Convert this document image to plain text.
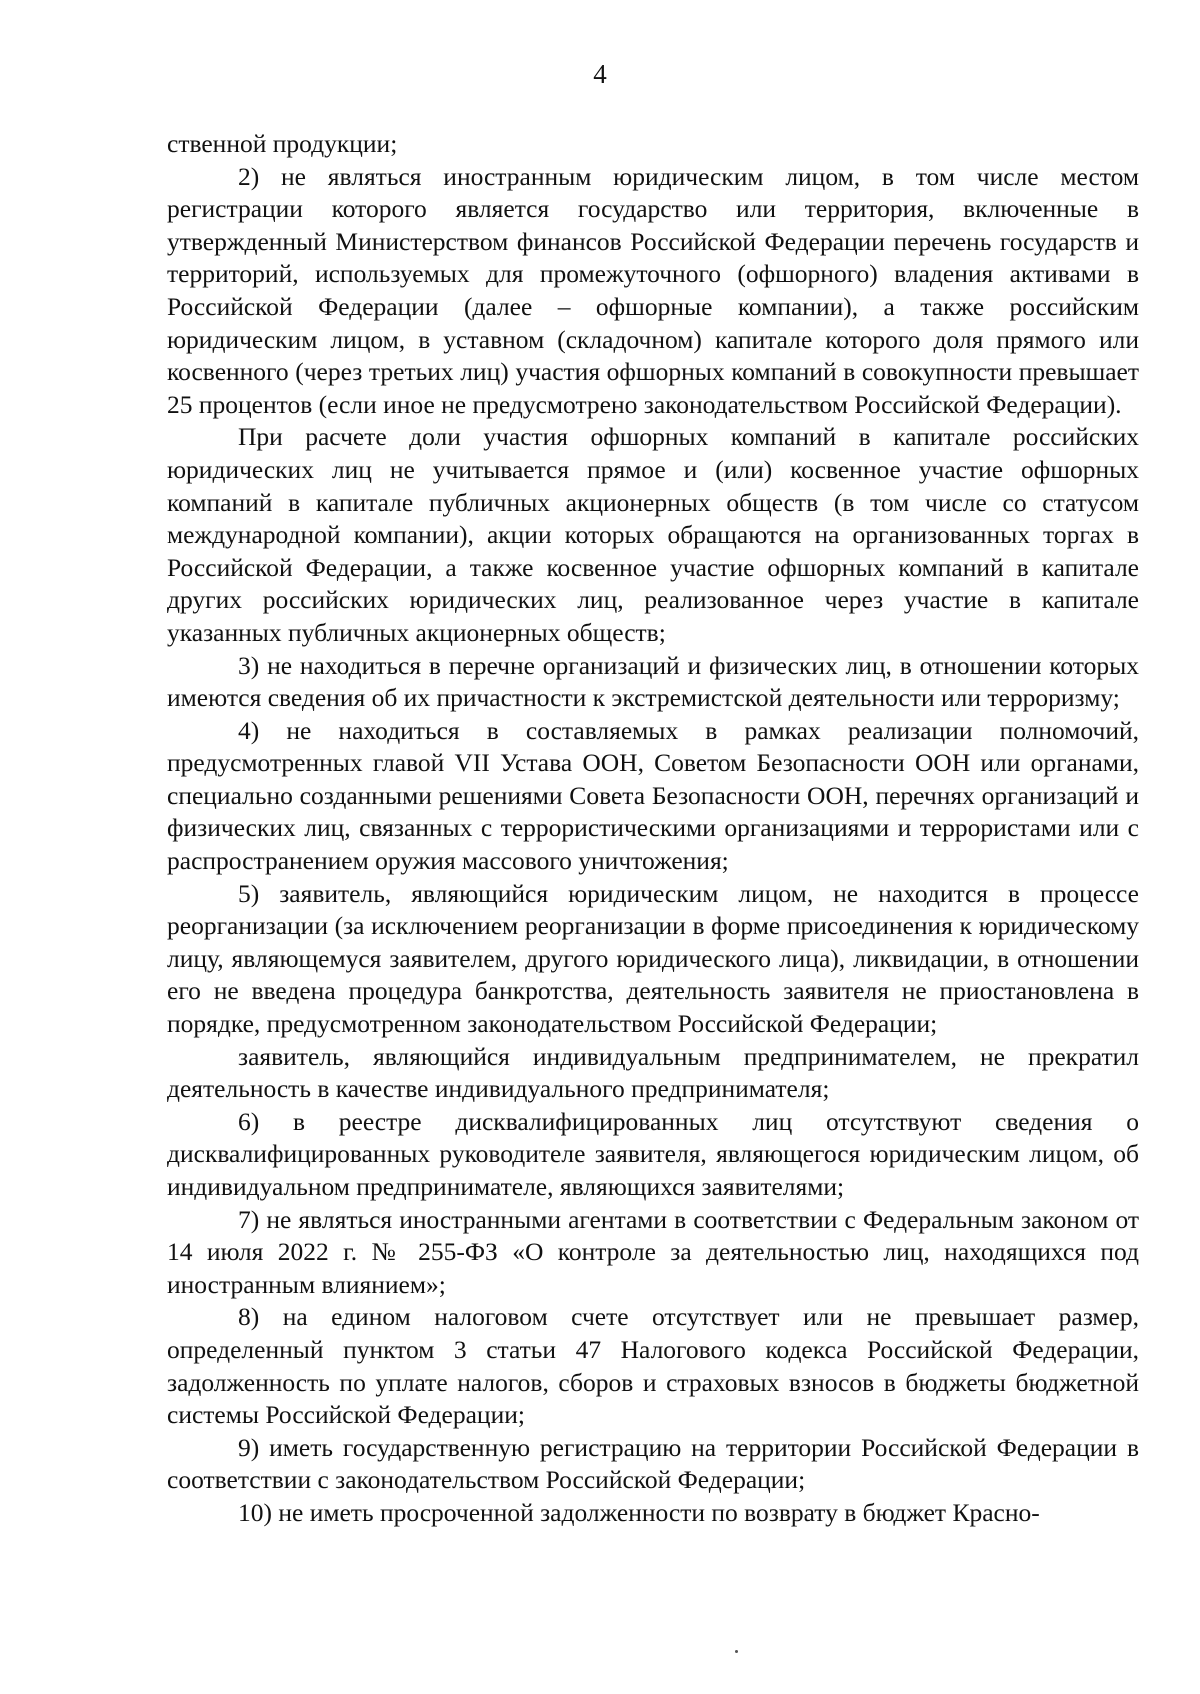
4

ственной продукции;

2) не являться иностранным юридическим лицом, в том числе местом регистрации которого является государство или территория, включенные в утвержденный Министерством финансов Российской Федерации перечень государств и территорий, используемых для промежуточного (офшорного) владения активами в Российской Федерации (далее – офшорные компании), а также российским юридическим лицом, в уставном (складочном) капитале которого доля прямого или косвенного (через третьих лиц) участия офшорных компаний в совокупности превышает 25 процентов (если иное не предусмотрено законодательством Российской Федерации).

При расчете доли участия офшорных компаний в капитале российских юридических лиц не учитывается прямое и (или) косвенное участие офшорных компаний в капитале публичных акционерных обществ (в том числе со статусом международной компании), акции которых обращаются на организованных торгах в Российской Федерации, а также косвенное участие офшорных компаний в капитале других российских юридических лиц, реализованное через участие в капитале указанных публичных акционерных обществ;

3) не находиться в перечне организаций и физических лиц, в отношении которых имеются сведения об их причастности к экстремистской деятельности или терроризму;

4) не находиться в составляемых в рамках реализации полномочий, предусмотренных главой VII Устава ООН, Советом Безопасности ООН или органами, специально созданными решениями Совета Безопасности ООН, перечнях организаций и физических лиц, связанных с террористическими организациями и террористами или с распространением оружия массового уничтожения;

5) заявитель, являющийся юридическим лицом, не находится в процессе реорганизации (за исключением реорганизации в форме присоединения к юридическому лицу, являющемуся заявителем, другого юридического лица), ликвидации, в отношении его не введена процедура банкротства, деятельность заявителя не приостановлена в порядке, предусмотренном законодательством Российской Федерации;

заявитель, являющийся индивидуальным предпринимателем, не прекратил деятельность в качестве индивидуального предпринимателя;

6) в реестре дисквалифицированных лиц отсутствуют сведения о дисквалифицированных руководителе заявителя, являющегося юридическим лицом, об индивидуальном предпринимателе, являющихся заявителями;

7) не являться иностранными агентами в соответствии с Федеральным законом от 14 июля 2022 г. № 255-ФЗ «О контроле за деятельностью лиц, находящихся под иностранным влиянием»;

8) на едином налоговом счете отсутствует или не превышает размер, определенный пунктом 3 статьи 47 Налогового кодекса Российской Федерации, задолженность по уплате налогов, сборов и страховых взносов в бюджеты бюджетной системы Российской Федерации;

9) иметь государственную регистрацию на территории Российской Федерации в соответствии с законодательством Российской Федерации;

10) не иметь просроченной задолженности по возврату в бюджет Красно-
